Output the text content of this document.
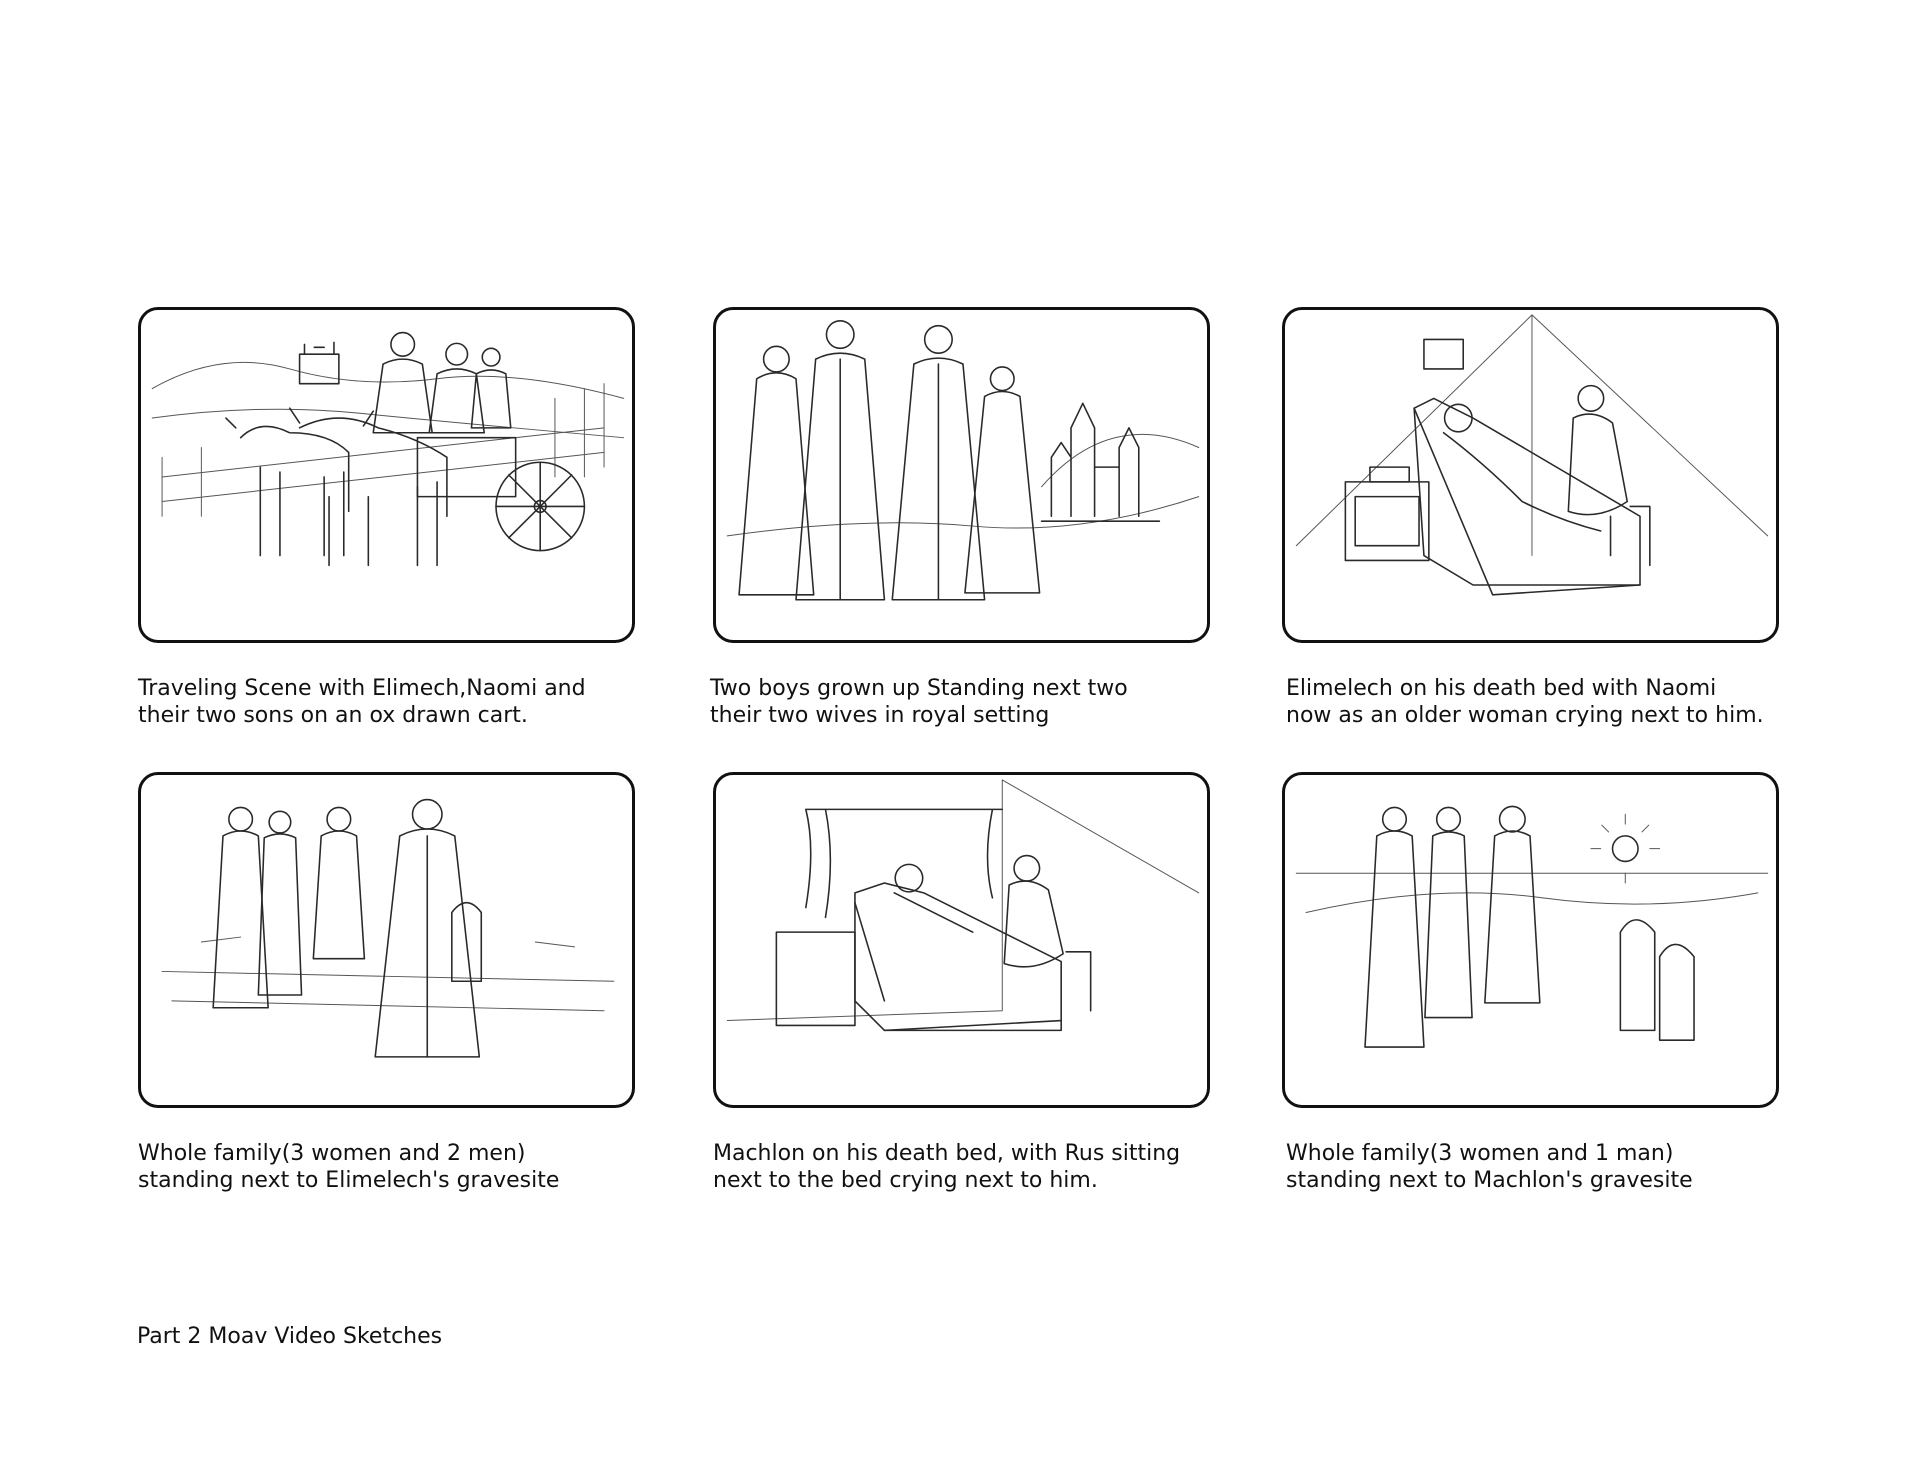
Traveling Scene with Elimech,Naomi and
their two sons on an ox drawn cart.
Two boys grown up Standing next two
their two wives in royal setting
Elimelech on his death bed with Naomi
now as an older woman crying next to him.
Whole family(3 women and 2 men)
standing next to Elimelech's gravesite
Machlon on his death bed, with Rus sitting
next to the bed crying next to him.
Whole family(3 women and 1 man)
standing next to Machlon's gravesite
Part 2 Moav Video Sketches
